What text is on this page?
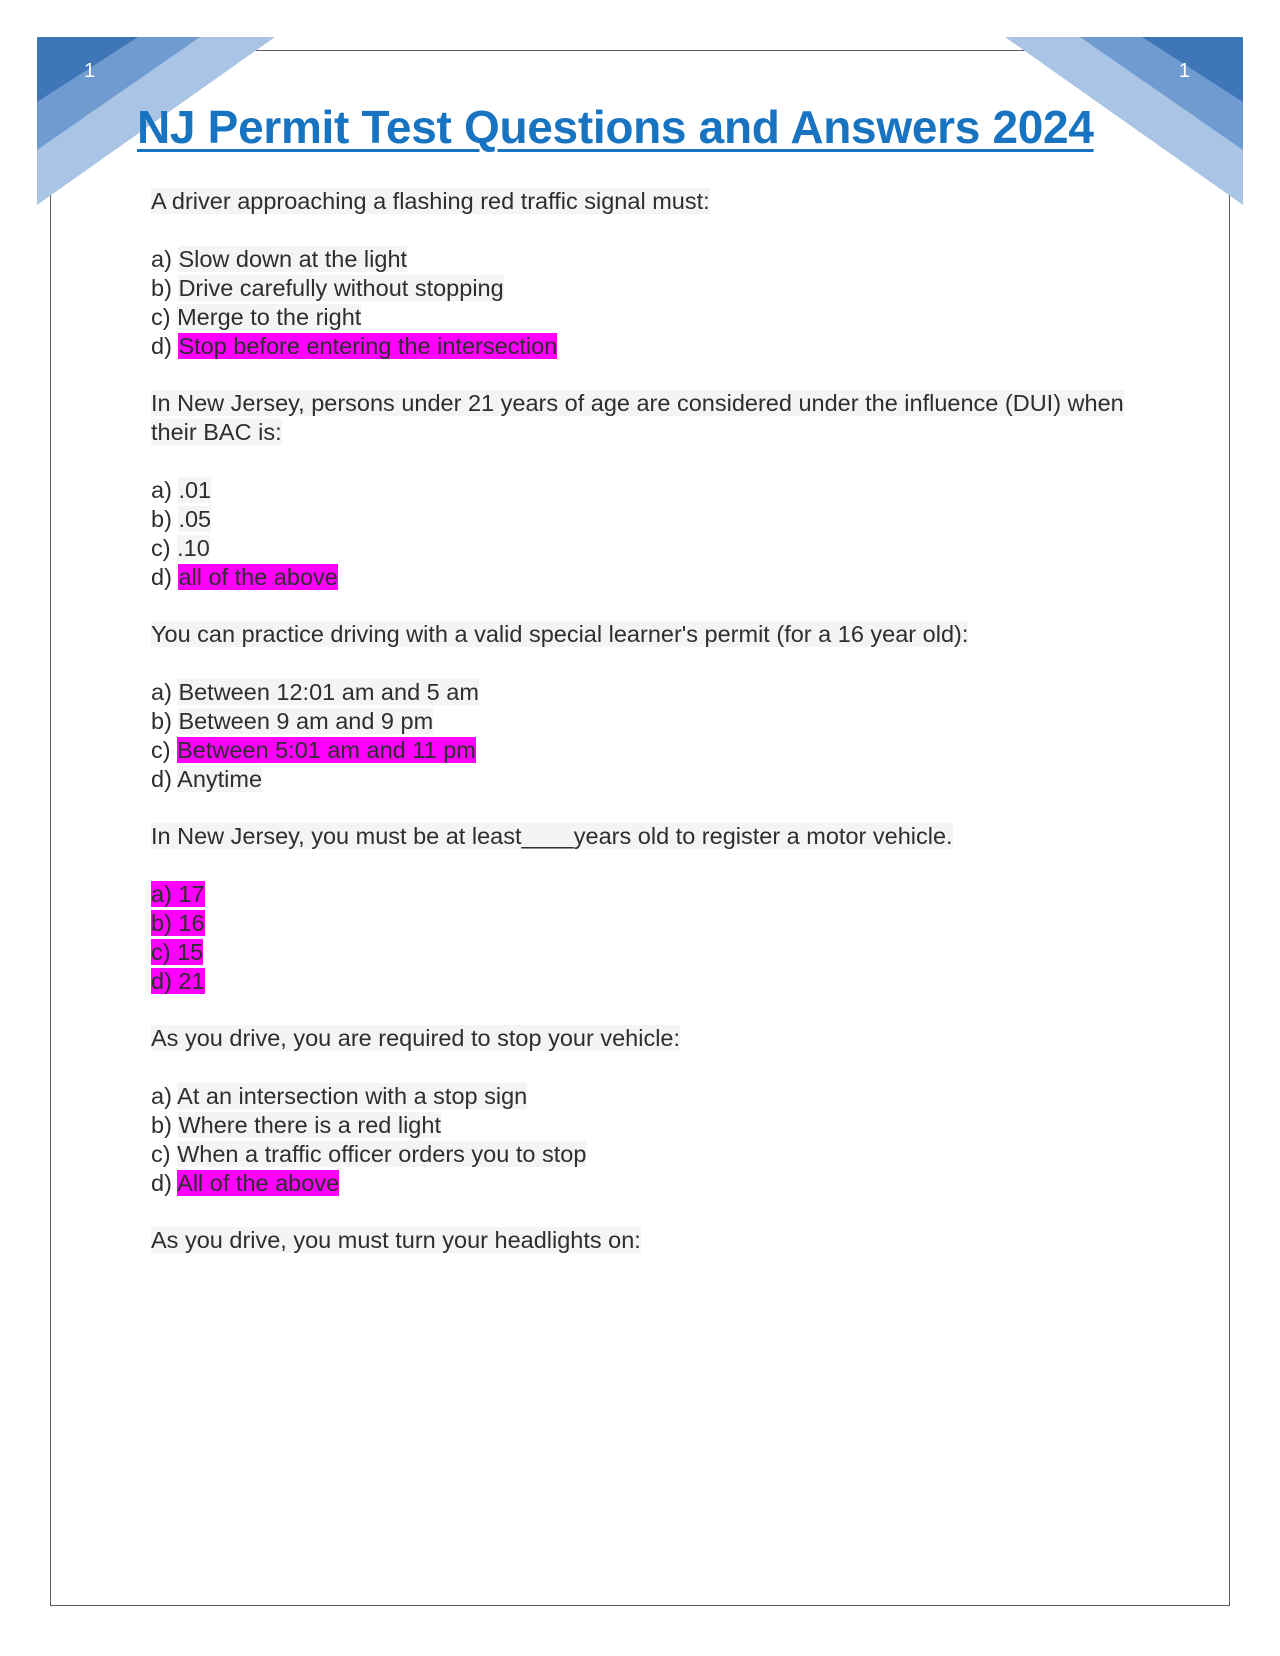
1	1
NJ Permit Test Questions and Answers 2024

A driver approaching a flashing red traffic signal must:

a) Slow down at the light
b) Drive carefully without stopping
c) Merge to the right
d) Stop before entering the intersection

In New Jersey, persons under 21 years of age are considered under the influence (DUI) when their BAC is:

a) .01
b) .05
c) .10
d) all of the above

You can practice driving with a valid special learner's permit (for a 16 year old):

a) Between 12:01 am and 5 am
b) Between 9 am and 9 pm
c) Between 5:01 am and 11 pm
d) Anytime

In New Jersey, you must be at least____years old to register a motor vehicle.

a) 17
b) 16
c) 15
d) 21

As you drive, you are required to stop your vehicle:

a) At an intersection with a stop sign
b) Where there is a red light
c) When a traffic officer orders you to stop
d) All of the above

As you drive, you must turn your headlights on:
